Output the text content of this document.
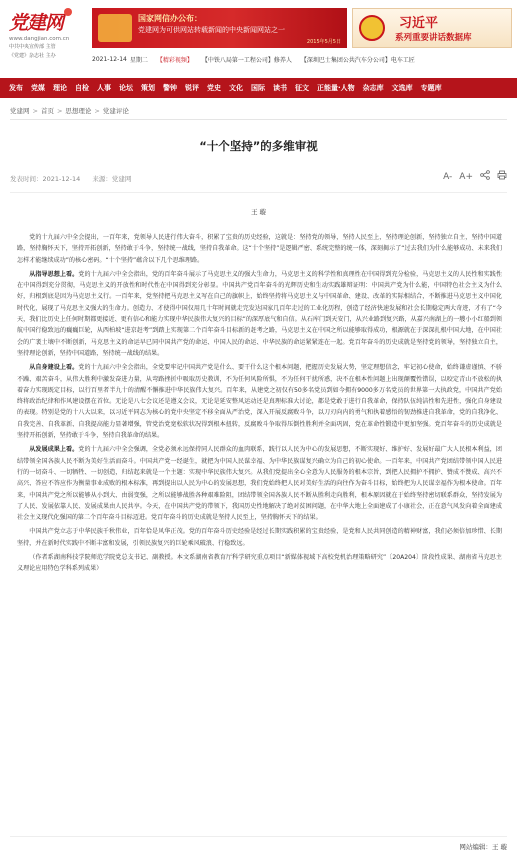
党建网
www.dangjian.com.cn
中共中央宣传部 主管
《党建》杂志社 主办
国家网信办公布：
党建网为可供网站转载新闻的中央新闻网站之一
2015年5月5日
习近平
系列重要讲话数据库
2021-12-14 星期二 【精彩视频】 【中铁八局第一工程公司】修养人 【深圳巴士集团公共汽车分公司】电车工匠
发布 党媒 理论 自检 人事 论坛 策划 警钟 锐评 党史 文化 国际 读书 征文 正能量·人物 杂志库 文选库 专题库
党建网 > 首页 > 思想理论 > 党建评论
“十个坚持”的多维审视
发表时间：2021-12-14 来源：党建网	A- A+
王 璇

党的十九届六中全会提出，一百年来，党领导人民进行伟大奋斗，积累了宝贵的历史经验，这就是：坚持党的领导，坚持人民至上，坚持理论创新，坚持独立自主，坚持中国道路，坚持胸怀天下，坚持开拓创新，坚持敢于斗争，坚持统一战线，坚持自我革命。这“十个坚持”是逻辑严密、系统完整的统一体，深刻揭示了“过去我们为什么能够成功、未来我们怎样才能继续成功”的核心密码。“十个坚持”蕴含以下几个思维理路。

从指导思想上看。党的十九届六中全会指出，党的百年奋斗展示了马克思主义的强大生命力，马克思主义的科学性和真理性在中国得到充分检验，马克思主义的人民性和实践性在中国得到充分贯彻，马克思主义的开放性和时代性在中国得到充分彰显。中国共产党百年奋斗的光辉历史和生动实践雄辩证明：中国共产党为什么能，中国特色社会主义为什么好，归根到底是因为马克思主义行。一百年来，党坚持把马克思主义写在自己的旗帜上，始终坚持将马克思主义与中国革命、建设、改革的实际相结合，不断推进马克思主义中国化时代化，展现了马克思主义强大的生命力。创造力、才使得中国仅用几十年时间就走完发达国家几百年走过的工业化历程，创造了经济快速发展和社会长期稳定两大奇迹，才有了“今天，我们比历史上任何时期都更接近、更有信心和能力实现中华民族伟大复兴的目标”的深厚底气和自信。从石库门到天安门，从兴业路到复兴路，从嘉兴南湖上的一艘小小红船到领航中国行稳致远的巍巍巨轮，从西柏坡“进京赶考”到踏上实现第二个百年奋斗目标新的赶考之路，马克思主义在中国之所以能够取得成功，根源就在于深深扎根中国大地，在中国社会的广袤土壤中不断创新，马克思主义的命运早已同中国共产党的命运、中国人民的命运、中华民族的命运紧紧连在一起。党百年奋斗的历史成就是坚持党的领导，坚持独立自主，坚持理论创新，坚持中国道路，坚持统一战线的结果。

从自身建设上看。党的十九届六中全会指出，全党要牢记中国共产党是什么、要干什么这个根本问题，把握历史发展大势，坚定理想信念，牢记初心使命，始终谦虚谨慎、不骄不躁、艰苦奋斗，从伟大胜利中激发奋进力量，从弯路挫折中吸取历史教训，不为任何风险所惧，不为任何干扰所惑，决不在根本性问题上出现颠覆性错误，以咬定青山不放松的执着奋力实现既定目标，以行百里者半九十的清醒不懈推进中华民族伟大复兴。百年来，从建党之初仅有50多名党员到如今拥有9000多万名党员的世界第一大执政党，中国共产党始终将政治纪律和作风建设摆在首位。无论是八七会议还是遵义会议，无论是延安整风运动还是真理标准大讨论，都是党敢于进行自我革命，保持队伍纯洁性和先进性，强化自身建设的表现。特别是党的十八大以来，以习近平同志为核心的党中央坚定不移全面从严治党，深入开展反腐败斗争，以刀刃向内的勇气和执着感悟的韧劲推进自我革命，党的自我净化、自我完善、自我革新、自我提高能力显著增强，管党治党宽松软状况得到根本扭转，反腐败斗争取得压倒性胜利并全面巩固，党在革命性锻造中更加坚强。党百年奋斗的历史成就是坚持开拓创新，坚持敢于斗争，坚持自我革命的结果。

从发展成果上看。党的十九届六中全会强调，全党必须永远保持同人民群众的血肉联系，践行以人民为中心的发展思想，不断实现好、维护好、发展好最广大人民根本利益，团结带领全国各族人民不断为美好生活而奋斗。中国共产党一经诞生，就把为中国人民谋幸福、为中华民族谋复兴确立为自己的初心使命。一百年来，中国共产党团结带领中国人民进行的一切奋斗、一切牺牲、一切创造，归结起来就是一个主题：实现中华民族伟大复兴。从我们党提出全心全意为人民服务的根本宗旨，到把人民拥护不拥护、赞成不赞成、高兴不高兴、答应不答应作为衡量事业成败的根本标准，再到提出以人民为中心的发展思想，我们党始终把人民对美好生活的向往作为奋斗目标，始终把为人民谋幸福作为根本使命。百年来，中国共产党之所以能够从小到大、由弱变强，之所以能够战胜各种艰难险阻，团结带领全国各族人民不断从胜利走向胜利，根本原因就在于始终坚持密切联系群众，坚持发展为了人民、发展依靠人民、发展成果由人民共享。今天，在中国共产党的带领下，我国历史性地解决了绝对贫困问题，在中华大地上全面建成了小康社会，正在意气风发向着全面建成社会主义现代化强国的第二个百年奋斗目标迈进。党百年奋斗的历史成就是坚持人民至上，坚持胸怀天下的结果。

中国共产党立志于中华民族千秋伟业，百年恰是风华正茂。党的百年奋斗历史经验是经过长期实践积累的宝贵经验，是党和人民共同创造的精神财富，我们必须倍加珍惜、长期坚持，并在新时代实践中不断丰富和发展，引领民族复兴的巨轮乘风破浪、行稳致远。

（作者系湖南科技学院师范学院党总支书记、副教授。本文系湖南省教育厅科学研究重点项目“新媒体视域下高校党机治理策略研究”〔20A204〕阶段性成果、湖南省马克思主义理论应用特色学科系列成果）

网站编辑：王 璇
